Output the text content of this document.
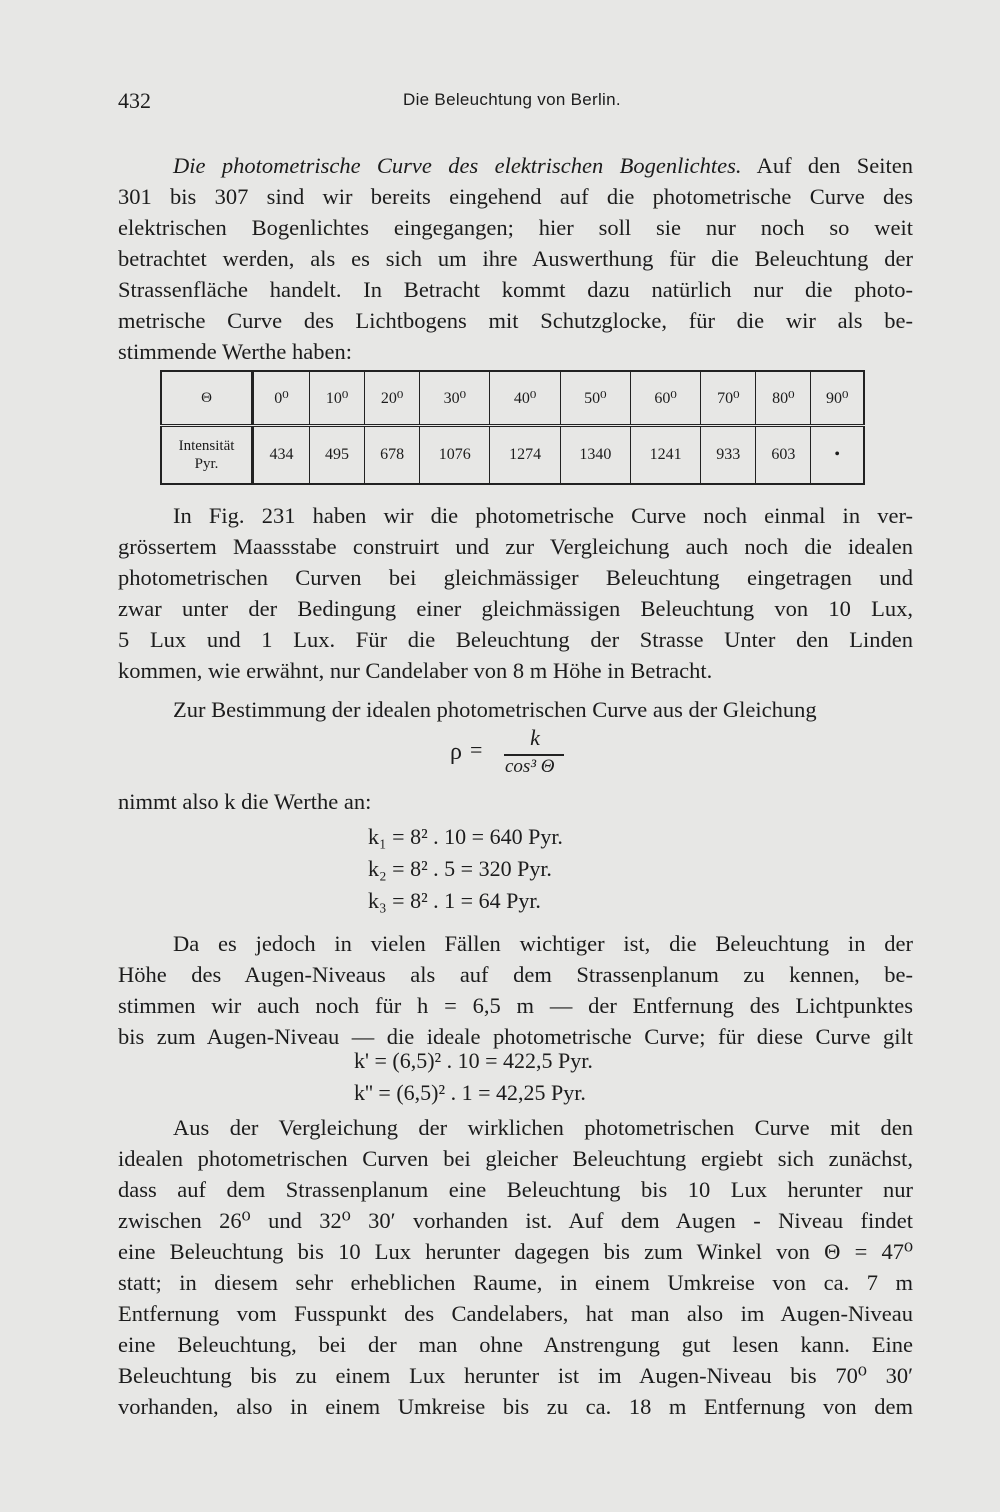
432	Die Beleuchtung von Berlin.
Die photometrische Curve des elektrischen Bogenlichtes. Auf den Seiten
301 bis 307 sind wir bereits eingehend auf die photometrische Curve des
elektrischen Bogenlichtes eingegangen; hier soll sie nur noch so weit
betrachtet werden, als es sich um ihre Auswerthung für die Beleuchtung der
Strassenfläche handelt. In Betracht kommt dazu natürlich nur die photo-
metrische Curve des Lichtbogens mit Schutzglocke, für die wir als be-
stimmende Werthe haben:
Θ	0⁰	10⁰	20⁰	30⁰	40⁰	50⁰	60⁰	70⁰	80⁰	90⁰
Intensität
Pyr.	434	495	678	1076	1274	1340	1241	933	603	•
In Fig. 231 haben wir die photometrische Curve noch einmal in ver-
grössertem Maassstabe construirt und zur Vergleichung auch noch die idealen
photometrischen Curven bei gleichmässiger Beleuchtung eingetragen und
zwar unter der Bedingung einer gleichmässigen Beleuchtung von 10 Lux,
5 Lux und 1 Lux. Für die Beleuchtung der Strasse Unter den Linden
kommen, wie erwähnt, nur Candelaber von 8 m Höhe in Betracht.
Zur Bestimmung der idealen photometrischen Curve aus der Gleichung
ρ =	k
cos³ Θ
nimmt also k die Werthe an:
k₁ = 8² . 10 = 640 Pyr.
k₂ = 8² . 5 = 320 Pyr.
k₃ = 8² . 1 = 64 Pyr.
Da es jedoch in vielen Fällen wichtiger ist, die Beleuchtung in der
Höhe des Augen-Niveaus als auf dem Strassenplanum zu kennen, be-
stimmen wir auch noch für h = 6,5 m — der Entfernung des Lichtpunktes
bis zum Augen-Niveau — die ideale photometrische Curve; für diese Curve gilt
k' = (6,5)² . 10 = 422,5 Pyr.
k'' = (6,5)² . 1 = 42,25 Pyr.
Aus der Vergleichung der wirklichen photometrischen Curve mit den
idealen photometrischen Curven bei gleicher Beleuchtung ergiebt sich zunächst,
dass auf dem Strassenplanum eine Beleuchtung bis 10 Lux herunter nur
zwischen 26⁰ und 32⁰ 30′ vorhanden ist. Auf dem Augen - Niveau findet
eine Beleuchtung bis 10 Lux herunter dagegen bis zum Winkel von Θ = 47⁰
statt; in diesem sehr erheblichen Raume, in einem Umkreise von ca. 7 m
Entfernung vom Fusspunkt des Candelabers, hat man also im Augen-Niveau
eine Beleuchtung, bei der man ohne Anstrengung gut lesen kann. Eine
Beleuchtung bis zu einem Lux herunter ist im Augen-Niveau bis 70⁰ 30′
vorhanden, also in einem Umkreise bis zu ca. 18 m Entfernung von dem
